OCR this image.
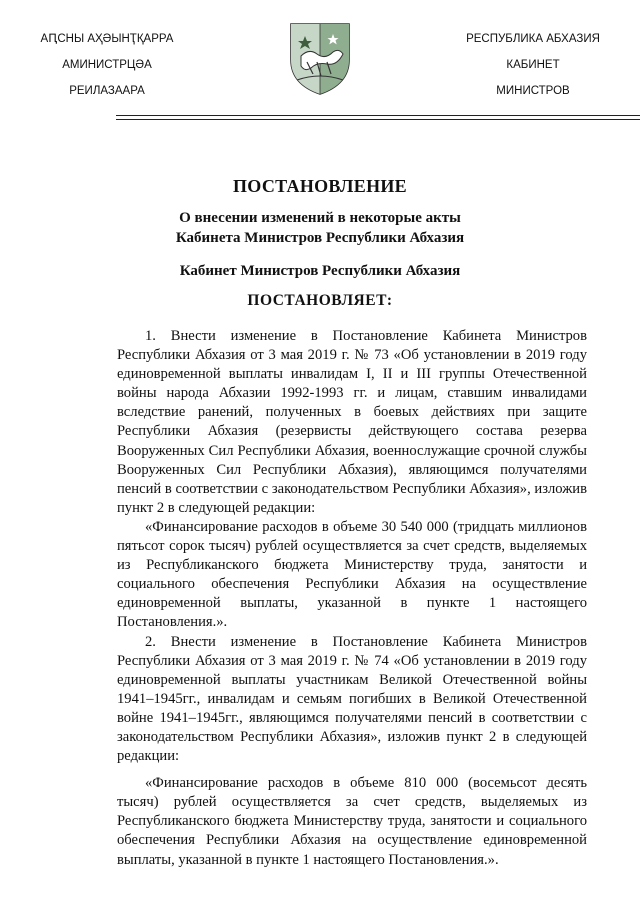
АԤСНЫ АҲӘЫНҬҚАРРА
АМИНИСТРЦӘА
РЕИЛАЗААРА
РЕСПУБЛИКА АБХАЗИЯ
КАБИНЕТ
МИНИСТРОВ
ПОСТАНОВЛЕНИЕ
О внесении изменений в некоторые акты
Кабинета Министров Республики Абхазия
Кабинет Министров Республики Абхазия
ПОСТАНОВЛЯЕТ:

1. Внести изменение в Постановление Кабинета Министров Республики Абхазия от 3 мая 2019 г. № 73 «Об установлении в 2019 году единовременной выплаты инвалидам I, II и III группы Отечественной войны народа Абхазии 1992-1993 гг. и лицам, ставшим инвалидами вследствие ранений, полученных в боевых действиях при защите Республики Абхазия (резервисты действующего состава резерва Вооруженных Сил Республики Абхазия, военнослужащие срочной службы Вооруженных Сил Республики Абхазия), являющимся получателями пенсий в соответствии с законодательством Республики Абхазия», изложив пункт 2 в следующей редакции:

«Финансирование расходов в объеме 30 540 000 (тридцать миллионов пятьсот сорок тысяч) рублей осуществляется за счет средств, выделяемых из Республиканского бюджета Министерству труда, занятости и социального обеспечения Республики Абхазия на осуществление единовременной выплаты, указанной в пункте 1 настоящего Постановления.».

2. Внести изменение в Постановление Кабинета Министров Республики Абхазия от 3 мая 2019 г. № 74 «Об установлении в 2019 году единовременной выплаты участникам Великой Отечественной войны 1941–1945гг., инвалидам и семьям погибших в Великой Отечественной войне 1941–1945гг., являющимся получателями пенсий в соответствии с законодательством Республики Абхазия», изложив пункт 2 в следующей редакции:

«Финансирование расходов в объеме 810 000 (восемьсот десять тысяч) рублей осуществляется за счет средств, выделяемых из Республиканского бюджета Министерству труда, занятости и социального обеспечения Республики Абхазия на осуществление единовременной выплаты, указанной в пункте 1 настоящего Постановления.».
